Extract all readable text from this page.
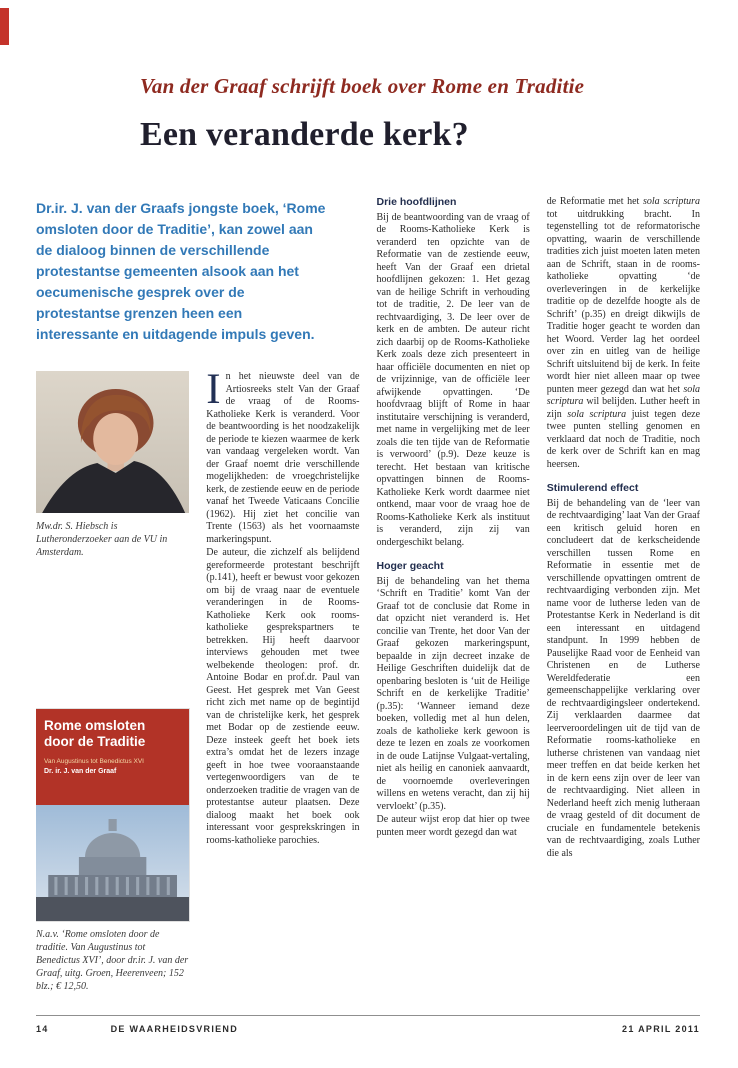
Van der Graaf schrijft boek over Rome en Traditie
Een veranderde kerk?
Dr.ir. J. van der Graafs jongste boek, ‘Rome omsloten door de Traditie’, kan zowel aan de dialoog binnen de verschillende protestantse gemeenten alsook aan het oecumenische gesprek over de protestantse grenzen heen een interessante en uitdagende impuls geven.
Mw.dr. S. Hiebsch is Lutheronderzoeker aan de VU in Amsterdam.
Rome omsloten
door de Traditie
Van Augustinus tot Benedictus XVI
Dr. ir. J. van der Graaf
N.a.v. ‘Rome omsloten door de traditie. Van Augustinus tot Benedictus XVI’, door dr.ir. J. van der Graaf, uitg. Groen, Heerenveen; 152 blz.; € 12,50.

In het nieuwste deel van de Artiosreeks stelt Van der Graaf de vraag of de Rooms-Katholieke Kerk is veranderd. Voor de beantwoording is het noodzakelijk de periode te kiezen waarmee de kerk van vandaag vergeleken wordt. Van der Graaf noemt drie verschillende mogelijkheden: de vroegchristelijke kerk, de zestiende eeuw en de periode vanaf het Tweede Vaticaans Concilie (1962). Hij ziet het concilie van Trente (1563) als het voornaamste markeringspunt.

De auteur, die zichzelf als belijdend gereformeerde protestant beschrijft (p.141), heeft er bewust voor gekozen om bij de vraag naar de eventuele veranderingen in de Rooms-Katholieke Kerk ook rooms-katholieke gesprekspartners te betrekken. Hij heeft daarvoor interviews gehouden met twee welbekende theologen: prof. dr. Antoine Bodar en prof.dr. Paul van Geest. Het gesprek met Van Geest richt zich met name op de begintijd van de christelijke kerk, het gesprek met Bodar op de zestiende eeuw. Deze insteek geeft het boek iets extra’s omdat het de lezers inzage geeft in hoe twee vooraanstaande vertegenwoordigers van de te onderzoeken traditie de vragen van de protestantse auteur plaatsen. Deze dialoog maakt het boek ook interessant voor gesprekskringen in rooms-katholieke parochies.

Drie hoofdlijnen

Bij de beantwoording van de vraag of de Rooms-Katholieke Kerk is veranderd ten opzichte van de Reformatie van de zestiende eeuw, heeft Van der Graaf een drietal hoofdlijnen gekozen: 1. Het gezag van de heilige Schrift in verhouding tot de traditie, 2. De leer van de rechtvaardiging, 3. De leer over de kerk en de ambten. De auteur richt zich daarbij op de Rooms-Katholieke Kerk zoals deze zich presenteert in haar officiële documenten en niet op de vrijzinnige, van de officiële leer afwijkende opvattingen. ‘De hoofdvraag blijft of Rome in haar institutaire verschijning is veranderd, met name in vergelijking met de leer zoals die ten tijde van de Reformatie is verwoord’ (p.9). Deze keuze is terecht. Het bestaan van kritische opvattingen binnen de Rooms-Katholieke Kerk wordt daarmee niet ontkend, maar voor de vraag hoe de Rooms-Katholieke Kerk als instituut is veranderd, zijn zij van ondergeschikt belang.

Hoger geacht

Bij de behandeling van het thema ‘Schrift en Traditie’ komt Van der Graaf tot de conclusie dat Rome in dat opzicht niet veranderd is. Het concilie van Trente, het door Van der Graaf gekozen markeringspunt, bepaalde in zijn decreet inzake de Heilige Geschriften duidelijk dat de openbaring besloten is ‘uit de Heilige Schrift en de kerkelijke Traditie’ (p.35): ‘Wanneer iemand deze boeken, volledig met al hun delen, zoals de katholieke kerk gewoon is deze te lezen en zoals ze voorkomen in de oude Latijnse Vulgaat-vertaling, niet als heilig en canoniek aanvaardt, de voornoemde overleveringen willens en wetens veracht, dan zij hij vervloekt’ (p.35).

De auteur wijst erop dat hier op twee punten meer wordt gezegd dan wat

de Reformatie met het sola scriptura tot uitdrukking bracht. In tegenstelling tot de reformatorische opvatting, waarin de verschillende tradities zich juist moeten laten meten aan de Schrift, staan in de rooms-katholieke opvatting ‘de overleveringen in de kerkelijke traditie op de dezelfde hoogte als de Schrift’ (p.35) en dreigt dikwijls de Traditie hoger geacht te worden dan het Woord. Verder lag het oordeel over zin en uitleg van de heilige Schrift uitsluitend bij de kerk. In feite wordt hier niet alleen maar op twee punten meer gezegd dan wat het sola scriptura wil belijden. Luther heeft in zijn sola scriptura juist tegen deze twee punten stelling genomen en verklaard dat noch de Traditie, noch de kerk over de Schrift kan en mag heersen.

Stimulerend effect

Bij de behandeling van de ‘leer van de rechtvaardiging’ laat Van der Graaf een kritisch geluid horen en concludeert dat de kerkscheidende verschillen tussen Rome en Reformatie in essentie met de verschillende opvattingen omtrent de rechtvaardiging verbonden zijn. Met name voor de lutherse leden van de Protestantse Kerk in Nederland is dit een interessant en uitdagend standpunt. In 1999 hebben de Pauselijke Raad voor de Eenheid van Christenen en de Lutherse Wereldfederatie een gemeenschappelijke verklaring over de rechtvaardigingsleer ondertekend. Zij verklaarden daarmee dat leerveroordelingen uit de tijd van de Reformatie rooms-katholieke en lutherse christenen van vandaag niet meer treffen en dat beide kerken het in de kern eens zijn over de leer van de rechtvaardiging. Niet alleen in Nederland heeft zich menig lutheraan de vraag gesteld of dit document de cruciale en fundamentele betekenis van de rechtvaardiging, zoals Luther die als

14	DE WAARHEIDSVRIEND	21 APRIL 2011
